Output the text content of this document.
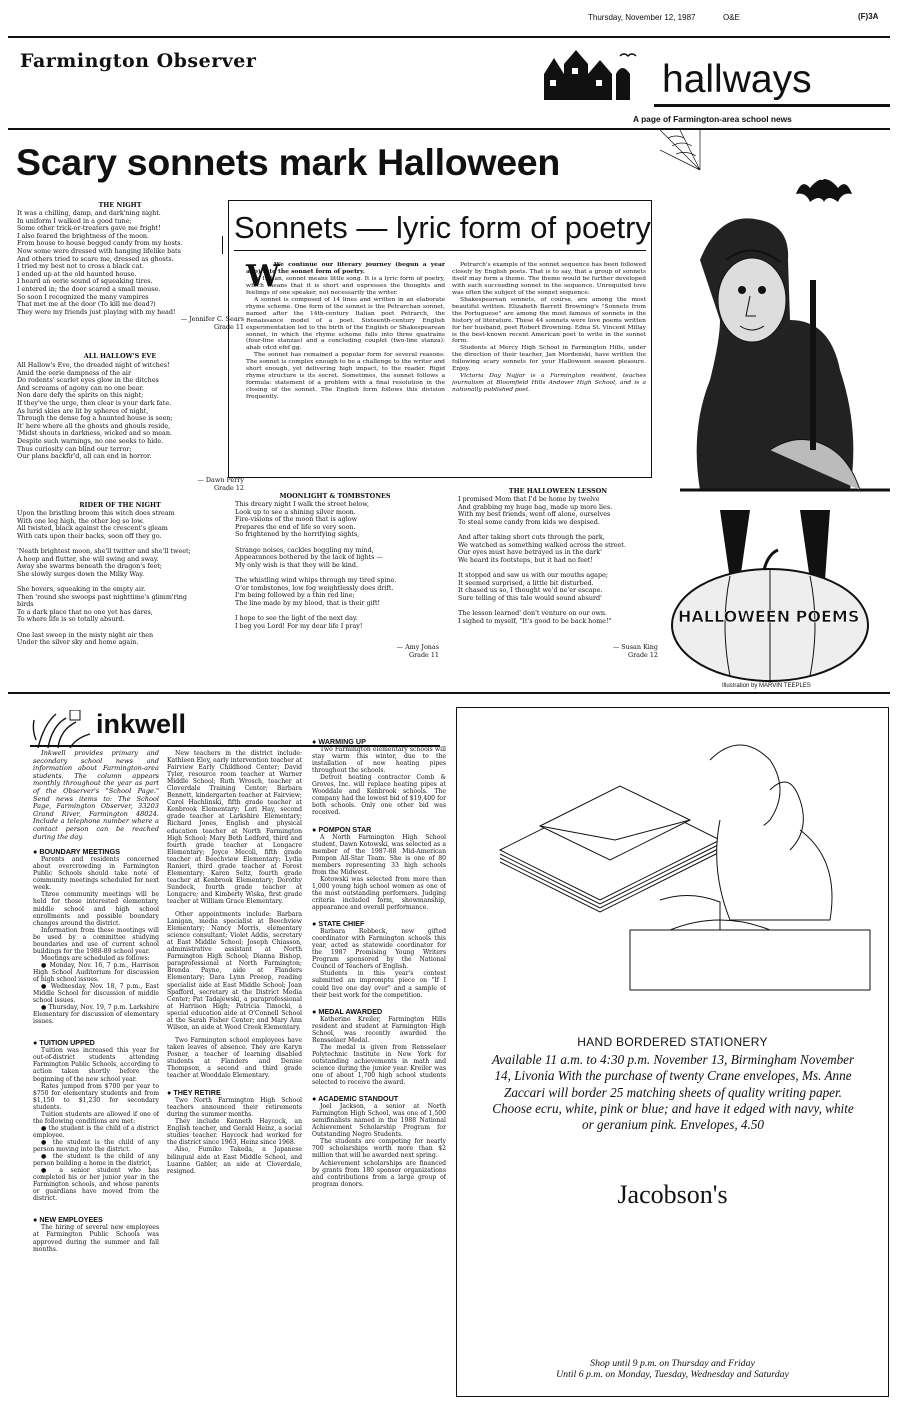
Thursday, November 12, 1987	O&E	(F)3A
Farmington Observer	hallways
A page of Farmington-area school news
Scary sonnets mark Halloween
THE NIGHT
It was a chilling, damp, and dark'ning night.
In uniform I walked in a good tune;
Some other trick-or-treaters gave me fright!
I also feared the brightness of the moon.
From house to house begged candy from my hosts.
Now some were dressed with hanging lifelike bats
And others tried to scare me, dressed as ghosts.
I tried my best not to cross a black cat.
I ended up at the old haunted house.
I heard an eerie sound of squeaking tires.
I entered in; the door scared a small mouse.
So soon I recognized the many vampires
That met me at the door (To kill me dead?)
They were my friends just playing with my head!
— Jennifer C. Sears
Grade 11
ALL HALLOW'S EVE
All Hallow's Eve, the dreaded night of witches!
Amid the eerie dampness of the air
Do rodents' scarlet eyes glow in the ditches
And screams of agony can no one bear.
Non dare defy the spirits on this night;
If they've the urge, then clear is your dark fate.
As lurid skies are lit by spheres of night,
Through the dense fog a haunted house is seen;
It' here where all the ghosts and ghouls reside,
'Midst shouts in darkness, wicked and so mean.
Despite such warnings, no one seeks to hide.
Thus curiosity can blind our terror;
Our plans backfir'd, all can end in horror.
— Dawn Perry
Grade 12
RIDER OF THE NIGHT
Upon the bristling broom this witch does stream
With one leg high, the other leg so low.
All twisted, black against the crescent's gleam
With cats upon their backs, soon off they go.

'Neath brightest moon, she'll twitter and she'll tweet;
A hoop and flutter, she will swing and sway.
Away she swarms beneath the dragon's feet;
She slowly surges down the Milky Way.

She hovers, squeaking in the empty air.
Then 'round she swoops past nighttime's glimm'ring
birds
To a dark place that no one yet has dares,
To where life is so totally absurd.

One last sweep in the misty night air then
Under the silver sky and home again.
Sonnets — lyric form of poetry
W

We continue our literary journey (begun a year ago) into the sonnet form of poetry.

In Italian, sonnet means little song. It is a lyric form of poetry, which means that it is short and expresses the thoughts and feelings of one speaker, not necessarily the writer.

A sonnet is composed of 14 lines and written in an elaborate rhyme scheme. One form of the sonnet is the Petrarchan sonnet, named after the 14th-century Italian poet Petrarch, the Renaissance model of a poet. Sixteenth-century English experimentation led to the birth of the English or Shakespearean sonnet, in which the rhyme scheme falls into three quatrains (four-line stanzas) and a concluding couplet (two-line stanza): abab cdcd efef gg.

The sonnet has remained a popular form for several reasons: The sonnet is complex enough to be a challenge to the writer and short enough, yet delivering high impact, to the reader. Rigid rhyme structure is its secret. Sometimes, the sonnet follows a formula: statement of a problem with a final resolution in the closing of the sonnet. The English form follows this division frequently.

Petrarch's example of the sonnet sequence has been followed closely by English poets. That is to say, that a group of sonnets itself may form a theme. The theme would be further developed with each succeeding sonnet in the sequence. Unrequited love was often the subject of the sonnet sequence.

Shakespearean sonnets, of course, are among the most beautiful written. Elizabeth Barrett Browning's "Sonnets from the Portuguese" are among the most famous of sonnets in the history of literature. These 44 sonnets were love poems written for her husband, poet Robert Browning. Edna St. Vincent Millay is the best-known recent American poet to write in the sonnet form.

Students at Mercy High School in Farmington Hills, under the direction of their teacher, Jan Mordenski, have written the following scary sonnets for your Halloween season pleasure. Enjoy.

Victoria Day Najjar is a Farmington resident, teaches journalism at Bloomfield Hills Andover High School, and is a nationally published poet.

MOONLIGHT & TOMBSTONES
This dreary night I walk the street below,
Look up to see a shining silver moon.
Fire-visions of the moon that is aglow
Prepares the end of life so very soon.
So frightened by the horrifying sights,

Strange noises, cackles boggling my mind,
Appearances bothered by the lack of lights —
My only wish is that they will be kind.

The whistling wind whips through my tired spine.
O'er tombstones, low fog weightlessly does drift.
I'm being followed by a thin red line;
The line made by my blood, that is their gift!

I hope to see the light of the next day.
I beg you Lord! For my dear life I pray!
— Amy Jonas
Grade 11
THE HALLOWEEN LESSON
I promised Mom that I'd be home by twelve
And grabbing my huge bag, made up more lies.
With my best friends, went off alone, ourselves
To steal some candy from kids we despised.

And after taking short cuts through the park,
We watched as something walked across the street.
Our eyes must have betrayed us in the dark'
We heard its footsteps, but it had no feet!

It stopped and saw us with our mouths agape;
It seemed surprised, a little bit disturbed.
It chased us so, I thought we'd ne'er escape.
Sure telling of this tale would sound absurd'

The lesson learned' don't venture on our own.
I sighed to myself, "It's good to be back home!"
— Susan King
Grade 12
HALLOWEEN POEMS
Illustration by MARVIN TEEPLES
inkwell

Inkwell provides primary and secondary school news and information about Farmington-area students. The column appears monthly throughout the year as part of the Observer's "School Page." Send news items to: The School Page, Farmington Observer, 33203 Grand River, Farmington 48024. Include a telephone number where a contact person can be reached during the day.

● BOUNDARY MEETINGS

Parents and residents concerned about overcrowding in Farmington Public Schools should take note of community meetings scheduled for next week.

Three community meetings will be held for those interested elementary, middle school and high school enrollments and possible boundary changes around the district.

Information from these meetings will be used by a committee studying boundaries and use of current school buildings for the 1988-89 school year.

Meetings are scheduled as follows:

● Monday, Nov. 16, 7 p.m., Harrison High School Auditorium for discussion of high school issues.

● Wednesday, Nov. 18, 7 p.m., East Middle School for discussion of middle school issues.

● Thursday, Nov. 19, 7 p.m. Larkshire Elementary for discussion of elementary issues.

● TUITION UPPED

Tuition was increased this year for out-of-district students attending Farmington Public Schools, according to action taken shortly before the beginning of the new school year.

Rates jumped from $700 per year to $750 for elementary students and from $1,150 to $1,230 for secondary students.

Tuition students are allowed if one of the following conditions are met:

● the student is the child of a district employee.

● the student is the child of any person moving into the district.

● the student is the child of any person building a home in the district,

● a senior student who has completed his or her junior year in the Farmington schools, and whose parents or guardians have moved from the district.

● NEW EMPLOYEES

The hiring of several new employees at Farmington Public Schools was approved during the summer and fall months.

New teachers in the district include: Kathleen Eley, early intervention teacher at Fairview Early Childhood Center; David Tyler, resource room teacher at Warner Middle School; Ruth Wrosch, teacher at Cloverdale Training Center; Barbara Bennett, kindergarten teacher at Fairview; Carol Hachlinski, fifth grade teacher at Kenbrook Elementary; Lori Hay, second grade teacher at Larkshire Elementary; Richard Jones, English and physical education teacher at North Farmington High School; Mary Beth Ledford, third and fourth grade teacher at Longacre Elementary; Joyce Mecoli, fifth grade teacher at Beechview Elementary; Lydia Ranieri, third grade teacher at Forest Elementary; Karen Seltz, fourth grade teacher at Kenbrook Elementary; Dorothy Sundeck, fourth grade teacher at Longacre; and Kimberly Wiska, first grade teacher at William Grace Elementary.

Other appointments include: Barbara Lanigan, media specialist at Beechview Elementary; Nancy Morris, elementary science consultant; Violet Addis, secretary at East Middle School; Joseph Chiasson, administrative assistant at North Farmington High School; Dianna Bishop, paraprofessional at North Farmington; Brenda Payne, aide at Flanders Elementary; Dara Lynn Preeop, reading specialist aide at East Middle School; Joan Spafford, secretary at the District Media Center; Pat Tadajewski, a paraprofessional at Harrison High; Patricia Timocki, a special education aide at O'Connell School at the Sarah Fisher Center; and Mary Ann Wilson, an aide at Wood Creek Elementary.

Two Farmington school employees have taken leaves of absence. They are Karyn Posner, a teacher of learning disabled students at Flanders and Denise Thompson, a second and third grade teacher at Wooddale Elementary.

● THEY RETIRE

Two North Farmington High School teachers announced their retirements during the summer months.

They include Kenneth Haycock, an English teacher, and Gerald Heinz, a social studies teacher. Haycock had worked for the district since 1963, Heinz since 1968.

Also, Fumiko Takeda, a Japanese bilingual aide at East Middle School, and Luanne Gabler, an aide at Cloverdale, resigned.

● WARMING UP

Two Farmington elementary schools will stay warm this winter, due to the installation of new heating pipes throughout the schools.

Detroit heating contractor Comb & Groves, Inc. will replace heating pipes at Wooddale and Kenbrook schools. The company had the lowest bid of $19,400 for both schools. Only one other bid was received.

● POMPON STAR

A North Farmington High School student, Dawn Kotowski, was selected as a member of the 1987-88 Mid-American Pompon All-Star Team. She is one of 80 members representing 33 high schools from the Midwest.

Kotowski was selected from more than 1,000 young high school women as one of the most outstanding performers. Judging criteria included form, showmanship, appearance and overall performance.

● STATE CHIEF

Barbara Rebbeck, new gifted coordinator with Farmington schools this year, acted as statewide coordinator for the 1987 Promising Young Writers Program sponsored by the National Council of Teachers of English.

Students in this year's contest submitted an impromptu piece on "If I could live one day over" and a sample of their best work for the competition.

● MEDAL AWARDED

Katherine Kreiler, Farmington Hills resident and student at Farmington High School, was recently awarded the Rensselaer Medal.

The medal is given from Rensselaer Polytechnic Institute in New York for outstanding achievements in math and science during the junior year. Kreiler was one of about 1,700 high school students selected to receive the award.

● ACADEMIC STANDOUT

Joel Jackson, a senior at North Farmington High School, was one of 1,500 semifinalists named in the 1988 National Achievement Scholarship Program for Outstanding Negro Students.

The students are competing for nearly 700 scholarships worth more than $2 million that will be awarded next spring.

Achievement scholarships are financed by grants from 180 sponsor organizations and contributions from a large group of program donors.

HAND BORDERED STATIONERY
Available 11 a.m. to 4:30 p.m. November 13, Birmingham November 14, Livonia With the purchase of twenty Crane envelopes, Ms. Anne Zaccari will border 25 matching sheets of quality writing paper. Choose ecru, white, pink or blue; and have it edged with navy, white or geranium pink. Envelopes, 4.50
Jacobson's
Shop until 9 p.m. on Thursday and Friday
Until 6 p.m. on Monday, Tuesday, Wednesday and Saturday
